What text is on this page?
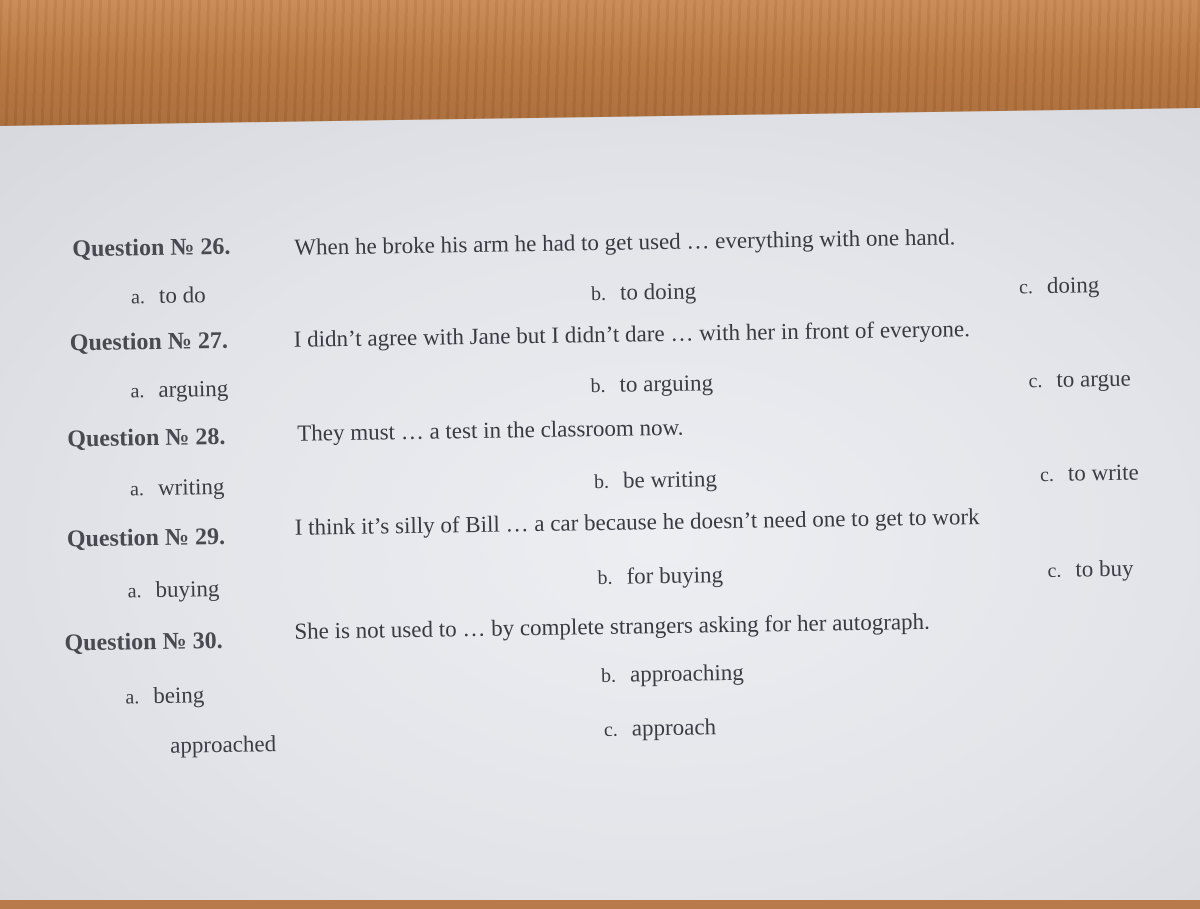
Question № 26.	When he broke his arm he had to get used … everything with one hand.
a. to do	b. to doing	c. doing
Question № 27.	I didn’t agree with Jane but I didn’t dare … with her in front of everyone.
a. arguing	b. to arguing	c. to argue
Question № 28.	They must … a test in the classroom now.
a. writing	b. be writing	c. to write
Question № 29.	I think it’s silly of Bill … a car because he doesn’t need one to get to work
a. buying	b. for buying	c. to buy
Question № 30.	She is not used to … by complete strangers asking for her autograph.
a. being
approached
b. approaching
c. approach
